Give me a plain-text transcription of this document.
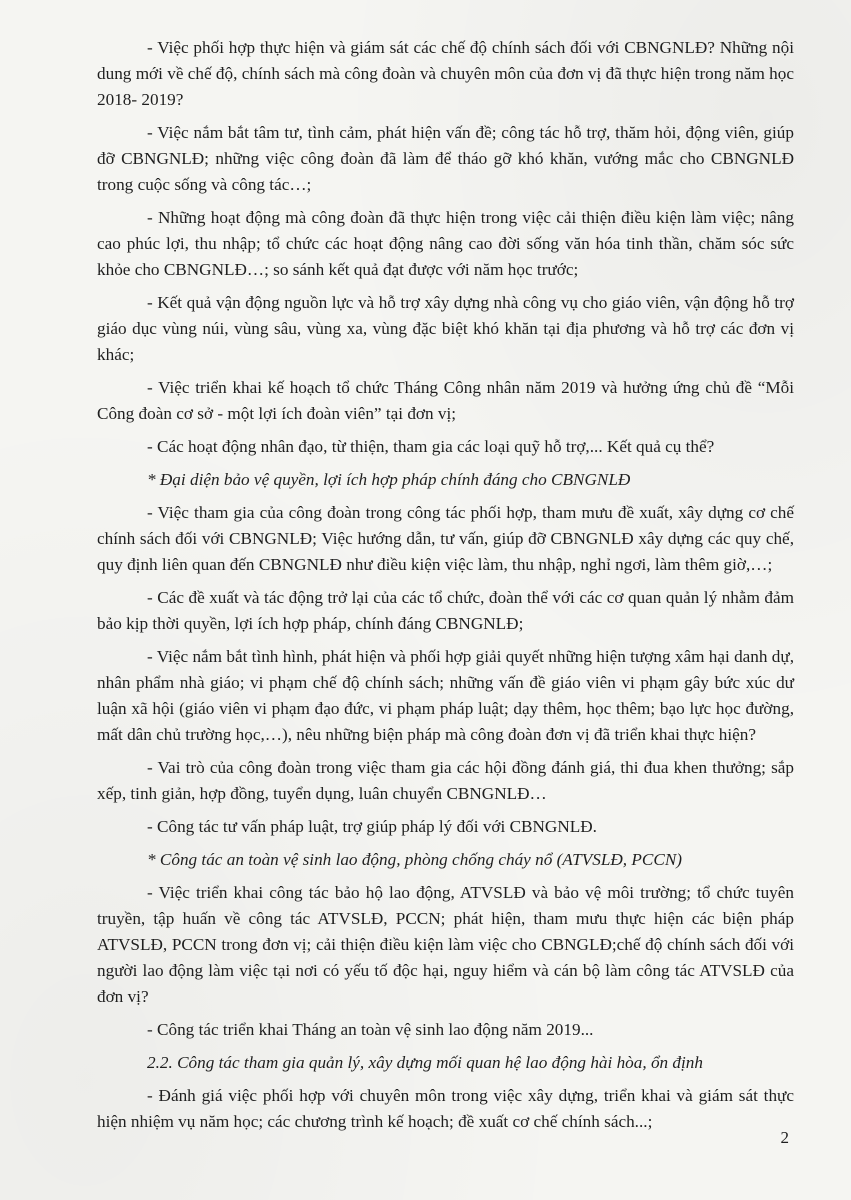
- Việc phối hợp thực hiện và giám sát các chế độ chính sách đối với CBNGNLĐ? Những nội dung mới về chế độ, chính sách mà công đoàn và chuyên môn của đơn vị đã thực hiện trong năm học 2018- 2019?

- Việc nắm bắt tâm tư, tình cảm, phát hiện vấn đề; công tác hỗ trợ, thăm hỏi, động viên, giúp đỡ CBNGNLĐ; những việc công đoàn đã làm để tháo gỡ khó khăn, vướng mắc cho CBNGNLĐ trong cuộc sống và công tác…;

- Những hoạt động mà công đoàn đã thực hiện trong việc cải thiện điều kiện làm việc; nâng cao phúc lợi, thu nhập; tổ chức các hoạt động nâng cao đời sống văn hóa tinh thần, chăm sóc sức khỏe cho CBNGNLĐ…; so sánh kết quả đạt được với năm học trước;

- Kết quả vận động nguồn lực và hỗ trợ xây dựng nhà công vụ cho giáo viên, vận động hỗ trợ giáo dục vùng núi, vùng sâu, vùng xa, vùng đặc biệt khó khăn tại địa phương và hỗ trợ các đơn vị khác;

- Việc triển khai kế hoạch tổ chức Tháng Công nhân năm 2019 và hưởng ứng chủ đề “Mỗi Công đoàn cơ sở - một lợi ích đoàn viên” tại đơn vị;

- Các hoạt động nhân đạo, từ thiện, tham gia các loại quỹ hỗ trợ,... Kết quả cụ thể?

* Đại diện bảo vệ quyền, lợi ích hợp pháp chính đáng cho CBNGNLĐ

- Việc tham gia của công đoàn trong công tác phối hợp, tham mưu đề xuất, xây dựng cơ chế chính sách đối với CBNGNLĐ; Việc hướng dẫn, tư vấn, giúp đỡ CBNGNLĐ xây dựng các quy chế, quy định liên quan đến CBNGNLĐ như điều kiện việc làm, thu nhập, nghỉ ngơi, làm thêm giờ,…;

- Các đề xuất và tác động trở lại của các tổ chức, đoàn thể với các cơ quan quản lý nhằm đảm bảo kịp thời quyền, lợi ích hợp pháp, chính đáng CBNGNLĐ;

- Việc nắm bắt tình hình, phát hiện và phối hợp giải quyết những hiện tượng xâm hại danh dự, nhân phẩm nhà giáo; vi phạm chế độ chính sách; những vấn đề giáo viên vi phạm gây bức xúc dư luận xã hội (giáo viên vi phạm đạo đức, vi phạm pháp luật; dạy thêm, học thêm; bạo lực học đường, mất dân chủ trường học,…), nêu những biện pháp mà công đoàn đơn vị đã triển khai thực hiện?

- Vai trò của công đoàn trong việc tham gia các hội đồng đánh giá, thi đua khen thưởng; sắp xếp, tinh giản, hợp đồng, tuyển dụng, luân chuyển CBNGNLĐ…

- Công tác tư vấn pháp luật, trợ giúp pháp lý đối với CBNGNLĐ.

* Công tác an toàn vệ sinh lao động, phòng chống cháy nổ (ATVSLĐ, PCCN)

- Việc triển khai công tác bảo hộ lao động, ATVSLĐ và bảo vệ môi trường; tổ chức tuyên truyền, tập huấn về công tác ATVSLĐ, PCCN; phát hiện, tham mưu thực hiện các biện pháp ATVSLĐ, PCCN trong đơn vị; cải thiện điều kiện làm việc cho CBNGLĐ;chế độ chính sách đối với người lao động làm việc tại nơi có yếu tố độc hại, nguy hiểm và cán bộ làm công tác ATVSLĐ của đơn vị?

- Công tác triển khai Tháng an toàn vệ sinh lao động năm 2019...

2.2. Công tác tham gia quản lý, xây dựng mối quan hệ lao động hài hòa, ổn định

- Đánh giá việc phối hợp với chuyên môn trong việc xây dựng, triển khai và giám sát thực hiện nhiệm vụ năm học; các chương trình kế hoạch; đề xuất cơ chế chính sách...;

2
